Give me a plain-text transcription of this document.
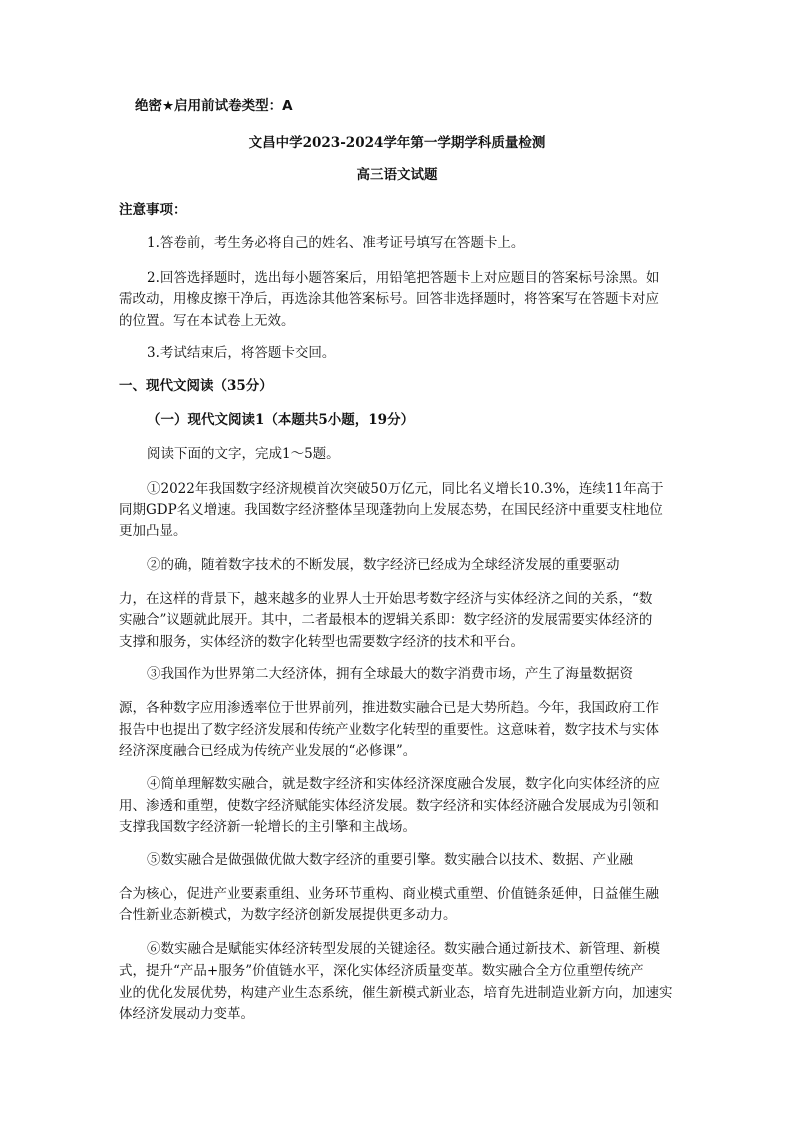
绝密★启用前试卷类型：A
文昌中学2023-2024学年第一学期学科质量检测
高三语文试题
注意事项：
1.答卷前，考生务必将自己的姓名、准考证号填写在答题卡上。
2.回答选择题时，选出每小题答案后，用铅笔把答题卡上对应题目的答案标号涂黑。如
需改动，用橡皮擦干净后，再选涂其他答案标号。回答非选择题时，将答案写在答题卡对应
的位置。写在本试卷上无效。
3.考试结束后，将答题卡交回。
一、现代文阅读（35分）
（一）现代文阅读1（本题共5小题，19分）
阅读下面的文字，完成1～5题。
①2022年我国数字经济规模首次突破50万亿元，同比名义增长10.3%，连续11年高于
同期GDP名义增速。我国数字经济整体呈现蓬勃向上发展态势，在国民经济中重要支柱地位
更加凸显。
②的确，随着数字技术的不断发展，数字经济已经成为全球经济发展的重要驱动
力，在这样的背景下，越来越多的业界人士开始思考数字经济与实体经济之间的关系，“数
实融合”议题就此展开。其中，二者最根本的逻辑关系即：数字经济的发展需要实体经济的
支撑和服务，实体经济的数字化转型也需要数字经济的技术和平台。
③我国作为世界第二大经济体，拥有全球最大的数字消费市场，产生了海量数据资
源，各种数字应用渗透率位于世界前列，推进数实融合已是大势所趋。今年，我国政府工作
报告中也提出了数字经济发展和传统产业数字化转型的重要性。这意味着，数字技术与实体
经济深度融合已经成为传统产业发展的“必修课”。
④简单理解数实融合，就是数字经济和实体经济深度融合发展，数字化向实体经济的应
用、渗透和重塑，使数字经济赋能实体经济发展。数字经济和实体经济融合发展成为引领和
支撑我国数字经济新一轮增长的主引擎和主战场。
⑤数实融合是做强做优做大数字经济的重要引擎。数实融合以技术、数据、产业融
合为核心，促进产业要素重组、业务环节重构、商业模式重塑、价值链条延伸，日益催生融
合性新业态新模式，为数字经济创新发展提供更多动力。
⑥数实融合是赋能实体经济转型发展的关键途径。数实融合通过新技术、新管理、新模
式，提升“产品+服务”价值链水平，深化实体经济质量变革。数实融合全方位重塑传统产
业的优化发展优势，构建产业生态系统，催生新模式新业态，培育先进制造业新方向，加速实
体经济发展动力变革。
